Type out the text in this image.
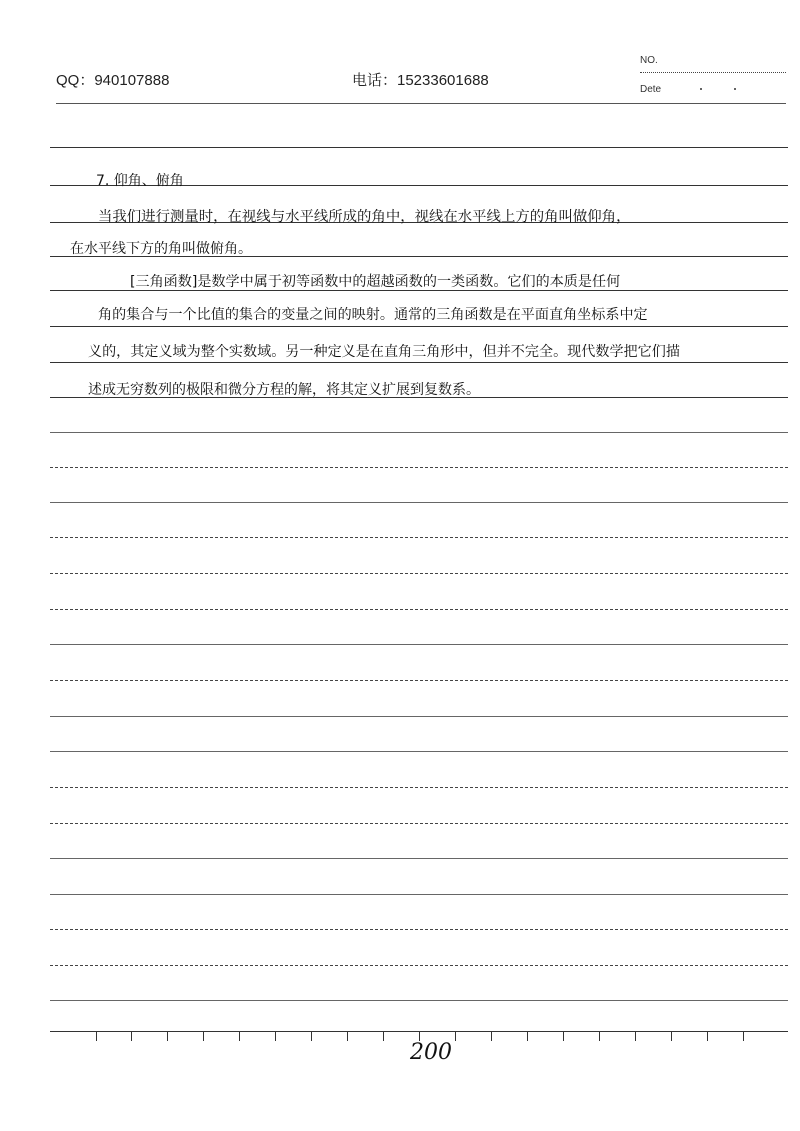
QQ：940107888	电话：15233601688
NO.
Dete
7. 仰角、俯角
当我们进行测量时，在视线与水平线所成的角中，视线在水平线上方的角叫做仰角，
在水平线下方的角叫做俯角。
[三角函数]是数学中属于初等函数中的超越函数的一类函数。它们的本质是任何
角的集合与一个比值的集合的变量之间的映射。通常的三角函数是在平面直角坐标系中定
义的，其定义域为整个实数域。另一种定义是在直角三角形中，但并不完全。现代数学把它们描
述成无穷数列的极限和微分方程的解，将其定义扩展到复数系。
200
